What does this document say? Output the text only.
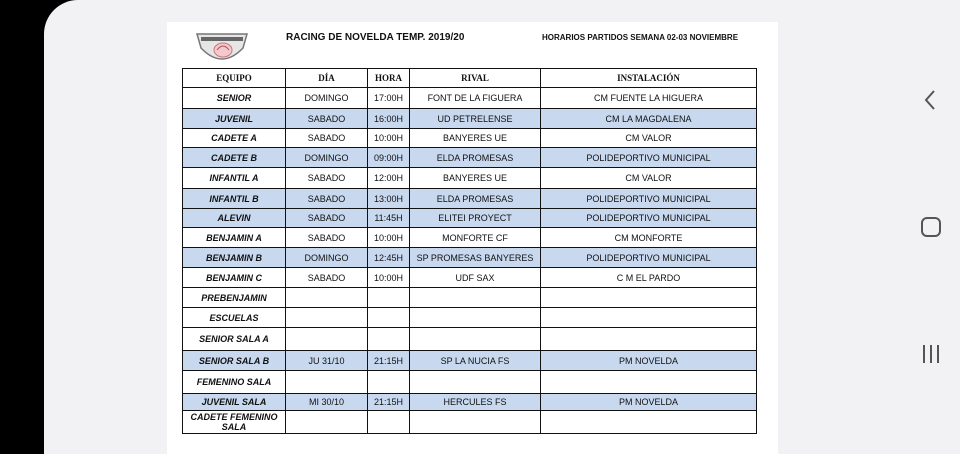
RACING DE NOVELDA TEMP. 2019/20	HORARIOS PARTIDOS SEMANA 02-03 NOVIEMBRE
EQUIPO	DÍA	HORA	RIVAL	INSTALACIÓN
SENIOR	DOMINGO	17:00H	FONT DE LA FIGUERA	CM FUENTE LA HIGUERA
JUVENIL	SABADO	16:00H	UD PETRELENSE	CM LA MAGDALENA
CADETE A	SABADO	10:00H	BANYERES UE	CM VALOR
CADETE B	DOMINGO	09:00H	ELDA PROMESAS	POLIDEPORTIVO MUNICIPAL
INFANTIL A	SABADO	12:00H	BANYERES UE	CM VALOR
INFANTIL B	SABADO	13:00H	ELDA PROMESAS	POLIDEPORTIVO MUNICIPAL
ALEVIN	SABADO	11:45H	ELITEI PROYECT	POLIDEPORTIVO MUNICIPAL
BENJAMIN A	SABADO	10:00H	MONFORTE CF	CM MONFORTE
BENJAMIN B	DOMINGO	12:45H	SP PROMESAS BANYERES	POLIDEPORTIVO MUNICIPAL
BENJAMIN C	SABADO	10:00H	UDF SAX	C M EL PARDO
PREBENJAMIN				
ESCUELAS				
SENIOR SALA A				
SENIOR SALA B	JU 31/10	21:15H	SP LA NUCIA FS	PM NOVELDA
FEMENINO SALA				
JUVENIL SALA	MI 30/10	21:15H	HERCULES FS	PM NOVELDA
CADETE FEMENINO SALA				
